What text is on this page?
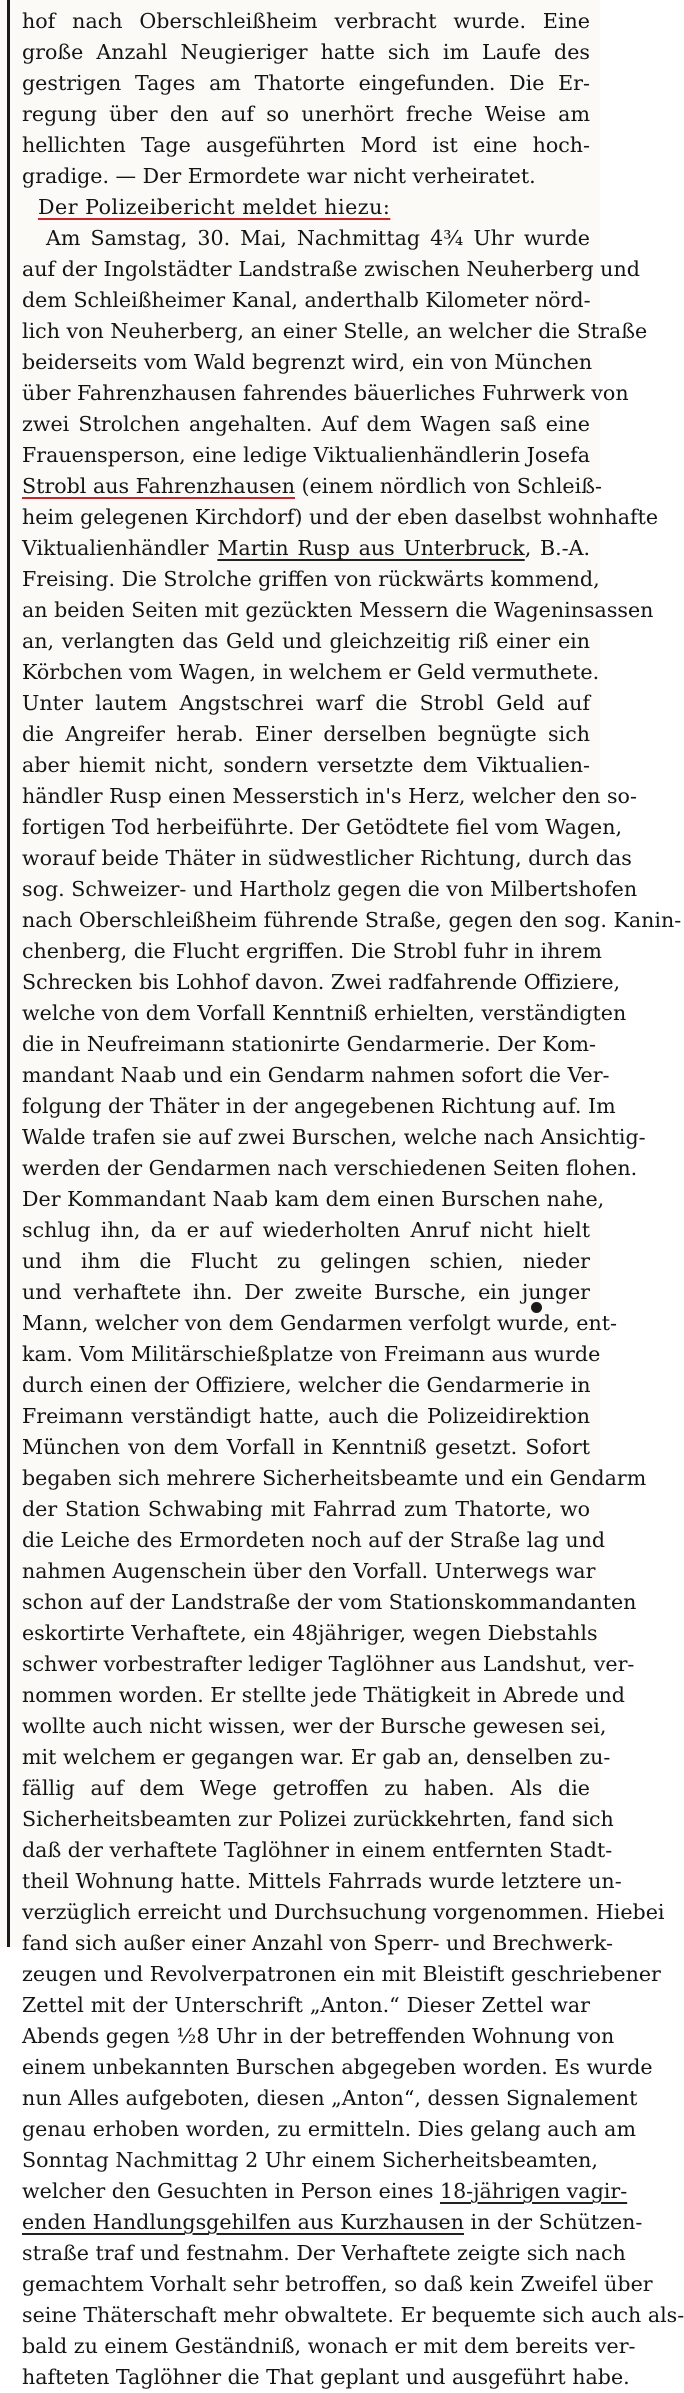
hof nach Oberschleißheim verbracht wurde. Eine
große Anzahl Neugieriger hatte sich im Laufe des
gestrigen Tages am Thatorte eingefunden. Die Er-
regung über den auf so unerhört freche Weise am
hellichten Tage ausgeführten Mord ist eine hoch-
gradige. — Der Ermordete war nicht verheiratet.
Der Polizeibericht meldet hiezu:
Am Samstag, 30. Mai, Nachmittag 4¾ Uhr wurde
auf der Ingolstädter Landstraße zwischen Neuherberg und
dem Schleißheimer Kanal, anderthalb Kilometer nörd-
lich von Neuherberg, an einer Stelle, an welcher die Straße
beiderseits vom Wald begrenzt wird, ein von München
über Fahrenzhausen fahrendes bäuerliches Fuhrwerk von
zwei Strolchen angehalten. Auf dem Wagen saß eine
Frauensperson, eine ledige Viktualienhändlerin Josefa
Strobl aus Fahrenzhausen (einem nördlich von Schleiß-
heim gelegenen Kirchdorf) und der eben daselbst wohnhafte
Viktualienhändler Martin Rusp aus Unterbruck, B.-A.
Freising. Die Strolche griffen von rückwärts kommend,
an beiden Seiten mit gezückten Messern die Wageninsassen
an, verlangten das Geld und gleichzeitig riß einer ein
Körbchen vom Wagen, in welchem er Geld vermuthete.
Unter lautem Angstschrei warf die Strobl Geld auf
die Angreifer herab. Einer derselben begnügte sich
aber hiemit nicht, sondern versetzte dem Viktualien-
händler Rusp einen Messerstich in's Herz, welcher den so-
fortigen Tod herbeiführte. Der Getödtete fiel vom Wagen,
worauf beide Thäter in südwestlicher Richtung, durch das
sog. Schweizer- und Hartholz gegen die von Milbertshofen
nach Oberschleißheim führende Straße, gegen den sog. Kanin-
chenberg, die Flucht ergriffen. Die Strobl fuhr in ihrem
Schrecken bis Lohhof davon. Zwei radfahrende Offiziere,
welche von dem Vorfall Kenntniß erhielten, verständigten
die in Neufreimann stationirte Gendarmerie. Der Kom-
mandant Naab und ein Gendarm nahmen sofort die Ver-
folgung der Thäter in der angegebenen Richtung auf. Im
Walde trafen sie auf zwei Burschen, welche nach Ansichtig-
werden der Gendarmen nach verschiedenen Seiten flohen.
Der Kommandant Naab kam dem einen Burschen nahe,
schlug ihn, da er auf wiederholten Anruf nicht hielt
und ihm die Flucht zu gelingen schien, nieder
und verhaftete ihn. Der zweite Bursche, ein junger
Mann, welcher von dem Gendarmen verfolgt wurde, ent-
kam. Vom Militärschießplatze von Freimann aus wurde
durch einen der Offiziere, welcher die Gendarmerie in
Freimann verständigt hatte, auch die Polizeidirektion
München von dem Vorfall in Kenntniß gesetzt. Sofort
begaben sich mehrere Sicherheitsbeamte und ein Gendarm
der Station Schwabing mit Fahrrad zum Thatorte, wo
die Leiche des Ermordeten noch auf der Straße lag und
nahmen Augenschein über den Vorfall. Unterwegs war
schon auf der Landstraße der vom Stationskommandanten
eskortirte Verhaftete, ein 48jähriger, wegen Diebstahls
schwer vorbestrafter lediger Taglöhner aus Landshut, ver-
nommen worden. Er stellte jede Thätigkeit in Abrede und
wollte auch nicht wissen, wer der Bursche gewesen sei,
mit welchem er gegangen war. Er gab an, denselben zu-
fällig auf dem Wege getroffen zu haben. Als die
Sicherheitsbeamten zur Polizei zurückkehrten, fand sich
daß der verhaftete Taglöhner in einem entfernten Stadt-
theil Wohnung hatte. Mittels Fahrrads wurde letztere un-
verzüglich erreicht und Durchsuchung vorgenommen. Hiebei
fand sich außer einer Anzahl von Sperr- und Brechwerk-
zeugen und Revolverpatronen ein mit Bleistift geschriebener
Zettel mit der Unterschrift „Anton.“ Dieser Zettel war
Abends gegen ½8 Uhr in der betreffenden Wohnung von
einem unbekannten Burschen abgegeben worden. Es wurde
nun Alles aufgeboten, diesen „Anton“, dessen Signalement
genau erhoben worden, zu ermitteln. Dies gelang auch am
Sonntag Nachmittag 2 Uhr einem Sicherheitsbeamten,
welcher den Gesuchten in Person eines 18-jährigen vagir-
enden Handlungsgehilfen aus Kurzhausen in der Schützen-
straße traf und festnahm. Der Verhaftete zeigte sich nach
gemachtem Vorhalt sehr betroffen, so daß kein Zweifel über
seine Thäterschaft mehr obwaltete. Er bequemte sich auch als-
bald zu einem Geständniß, wonach er mit dem bereits ver-
hafteten Taglöhner die That geplant und ausgeführt habe.
